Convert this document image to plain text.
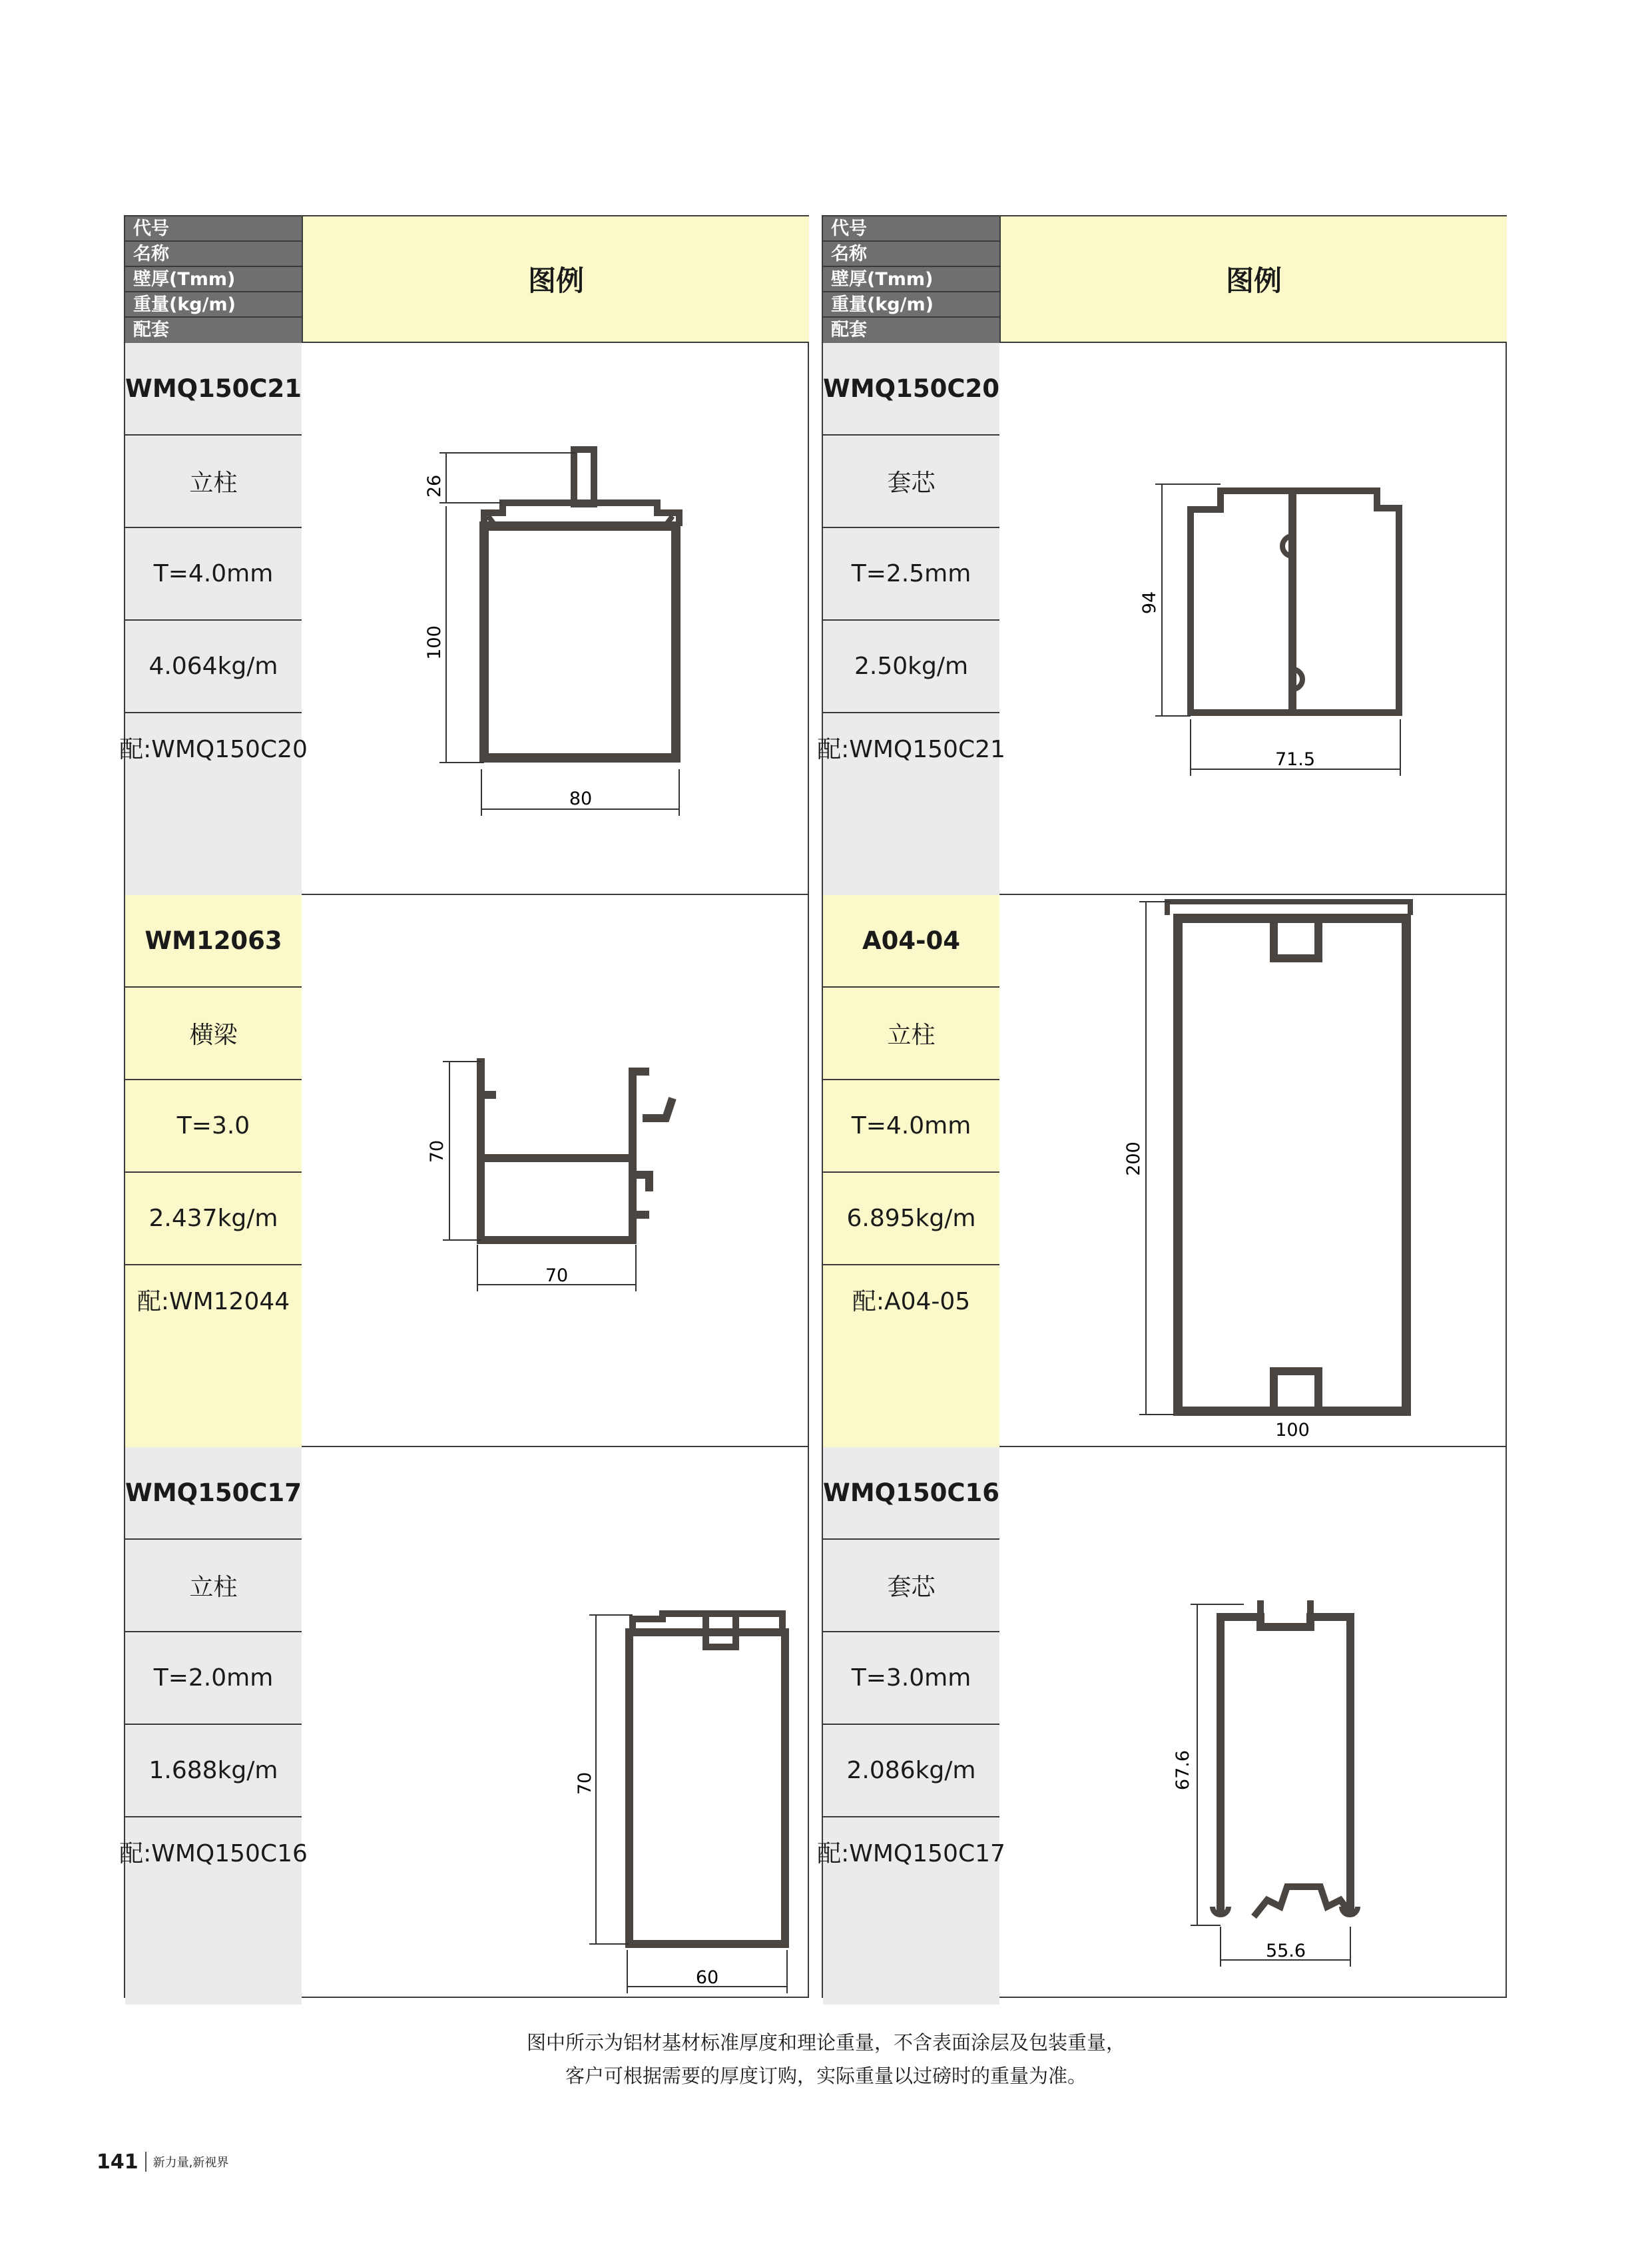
代号
名称
壁厚(Tmm)
重量(kg/m)
配套
图例
WMQ150C21
立柱
T=4.0mm
4.064kg/m
配:WMQ150C20
26
100
80
WM12063
横梁
T=3.0
2.437kg/m
配:WM12044
70
70
WMQ150C17
立柱
T=2.0mm
1.688kg/m
配:WMQ150C16
70
60
代号
名称
壁厚(Tmm)
重量(kg/m)
配套
图例
WMQ150C20
套芯
T=2.5mm
2.50kg/m
配:WMQ150C21
94
71.5
A04-04
立柱
T=4.0mm
6.895kg/m
配:A04-05
200
100
WMQ150C16
套芯
T=3.0mm
2.086kg/m
配:WMQ150C17
67.6
55.6
图中所示为铝材基材标准厚度和理论重量，不含表面涂层及包装重量，
客户可根据需要的厚度订购，实际重量以过磅时的重量为准。
141 新力量,新视界
